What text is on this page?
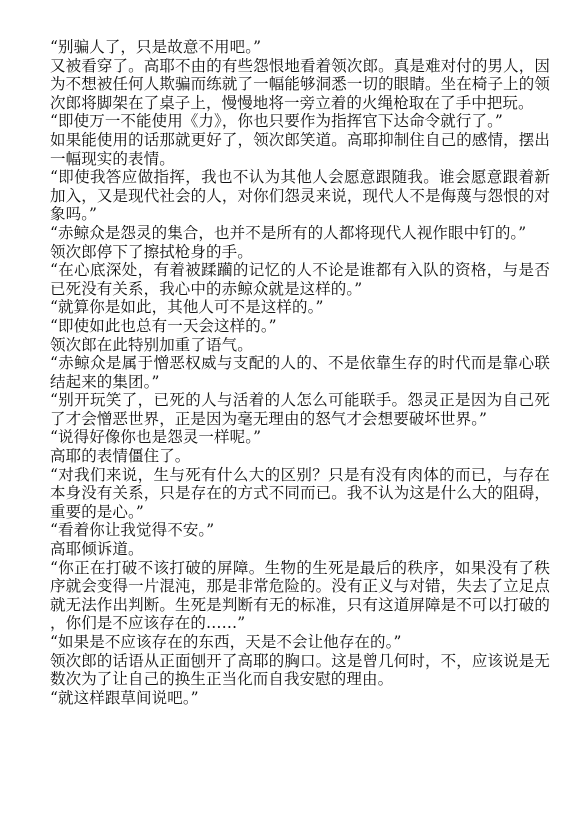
“别骗人了，只是故意不用吧。”

又被看穿了。高耶不由的有些怨恨地看着领次郎。真是难对付的男人，因为不想被任何人欺骗而练就了一幅能够洞悉一切的眼睛。坐在椅子上的领次郎将脚架在了桌子上，慢慢地将一旁立着的火绳枪取在了手中把玩。

“即使万一不能使用《力》，你也只要作为指挥官下达命令就行了。”

如果能使用的话那就更好了，领次郎笑道。高耶抑制住自己的感情，摆出一幅现实的表情。

“即使我答应做指挥，我也不认为其他人会愿意跟随我。谁会愿意跟着新加入，又是现代社会的人，对你们怨灵来说，现代人不是侮蔑与怨恨的对象吗。”

“赤鲸众是怨灵的集合，也并不是所有的人都将现代人视作眼中钉的。”

领次郎停下了擦拭枪身的手。

“在心底深处，有着被蹂躏的记忆的人不论是谁都有入队的资格，与是否已死没有关系，我心中的赤鲸众就是这样的。”

“就算你是如此，其他人可不是这样的。”

“即使如此也总有一天会这样的。”

领次郎在此特别加重了语气。

“赤鲸众是属于憎恶权威与支配的人的、不是依靠生存的时代而是靠心联结起来的集团。”

“别开玩笑了，已死的人与活着的人怎么可能联手。怨灵正是因为自己死了才会憎恶世界，正是因为毫无理由的怒气才会想要破坏世界。”

“说得好像你也是怨灵一样呢。”

高耶的表情僵住了。

“对我们来说，生与死有什么大的区别？只是有没有肉体的而已，与存在本身没有关系，只是存在的方式不同而已。我不认为这是什么大的阻碍，重要的是心。”

“看着你让我觉得不安。”

高耶倾诉道。

“你正在打破不该打破的屏障。生物的生死是最后的秩序，如果没有了秩序就会变得一片混沌，那是非常危险的。没有正义与对错，失去了立足点就无法作出判断。生死是判断有无的标准，只有这道屏障是不可以打破的，你们是不应该存在的……”

“如果是不应该存在的东西，天是不会让他存在的。”

领次郎的话语从正面刨开了高耶的胸口。这是曾几何时，不，应该说是无数次为了让自己的换生正当化而自我安慰的理由。

“就这样跟草间说吧。”
